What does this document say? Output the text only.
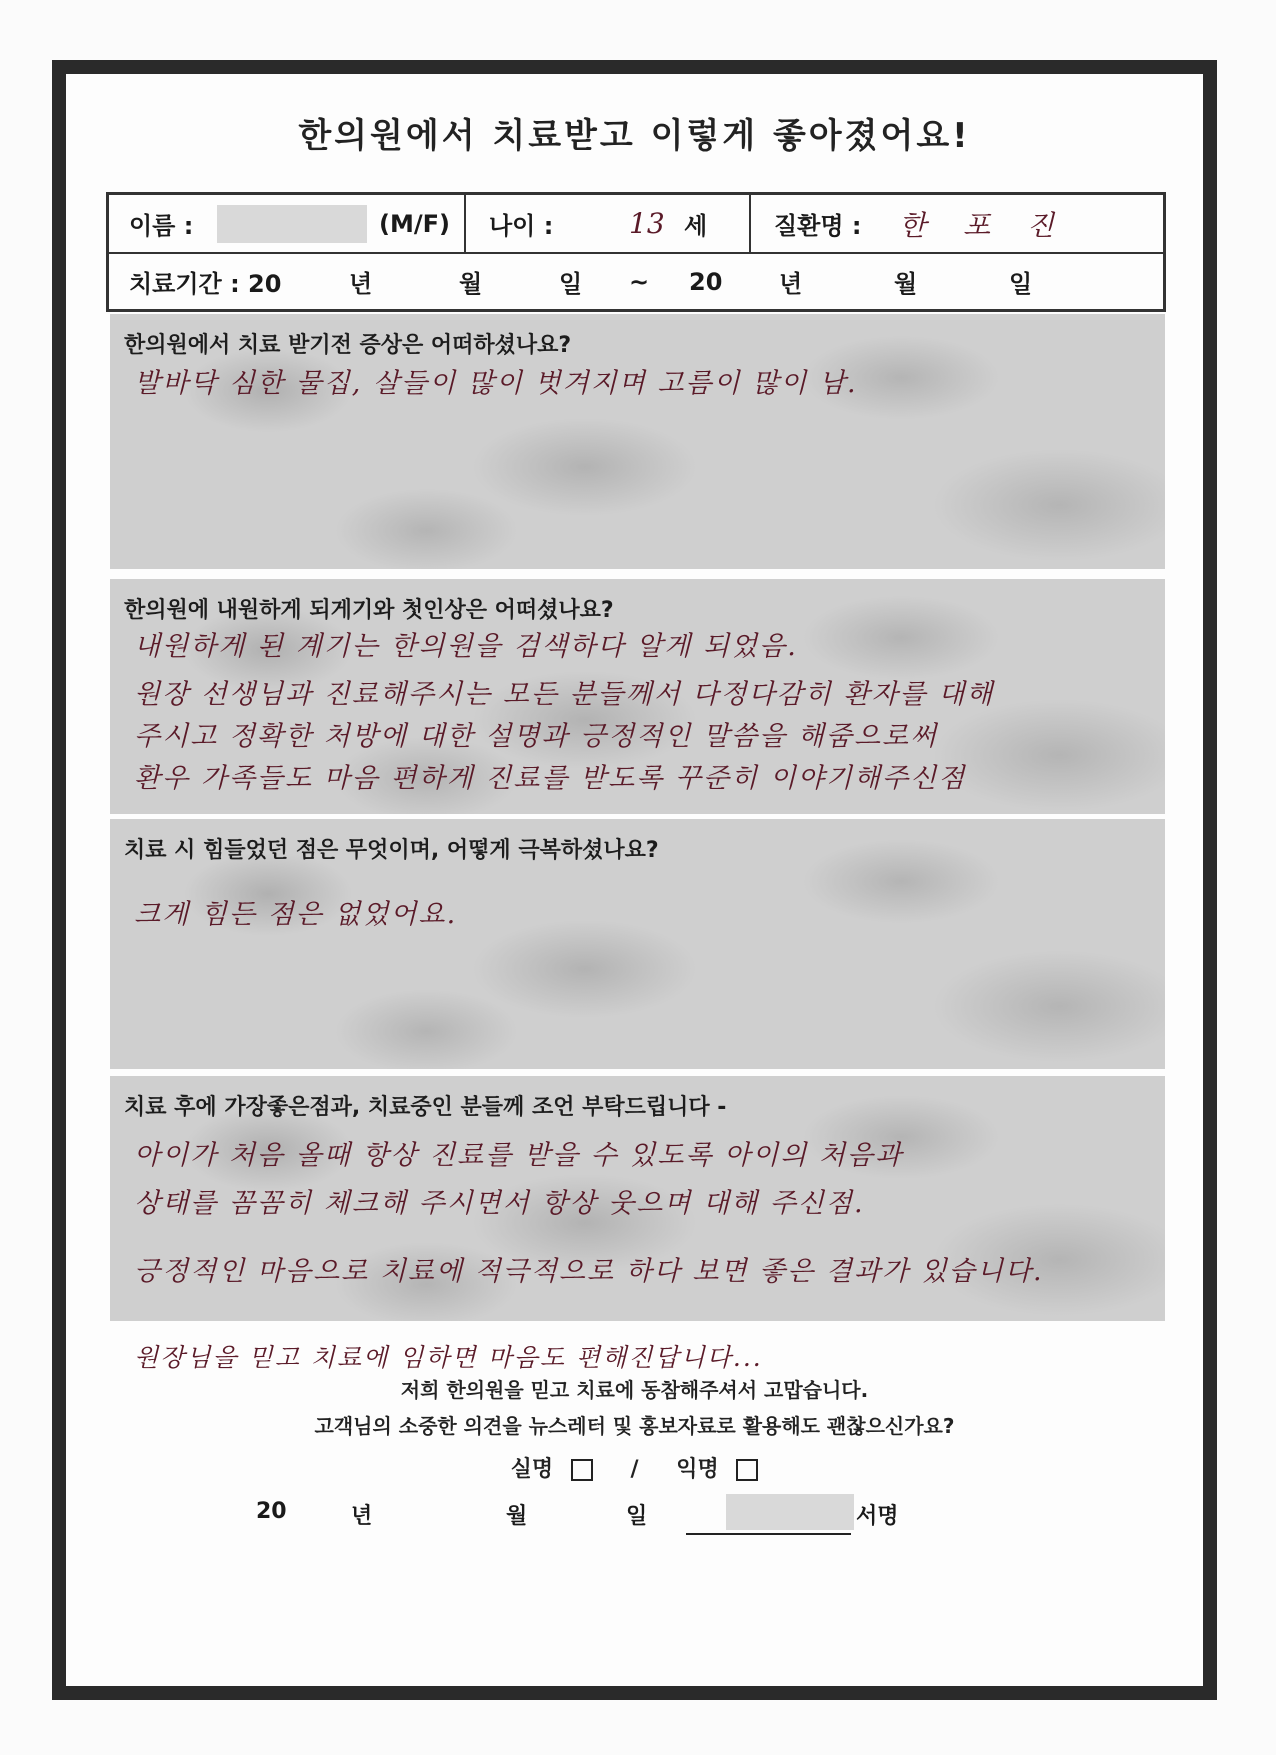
한의원에서 치료받고 이렇게 좋아졌어요!
이름 :	(M/F) 나이 :	13 세	질환명 : 한 포 진
치료기간 : 20	년	월	일 ~ 20 년	월	일
한의원에서 치료 받기전 증상은 어떠하셨나요?
발바닥 심한 물집, 살들이 많이 벗겨지며 고름이 많이 남.
한의원에 내원하게 되게기와 첫인상은 어떠셨나요?
내원하게 된 계기는 한의원을 검색하다 알게 되었음.
원장 선생님과 진료해주시는 모든 분들께서 다정다감히 환자를 대해
주시고 정확한 처방에 대한 설명과 긍정적인 말씀을 해줌으로써
환우 가족들도 마음 편하게 진료를 받도록 꾸준히 이야기해주신점
치료 시 힘들었던 점은 무엇이며, 어떻게 극복하셨나요?
크게 힘든 점은 없었어요.
치료 후에 가장좋은점과, 치료중인 분들께 조언 부탁드립니다 -
아이가 처음 올때 항상 진료를 받을 수 있도록 아이의 처음과
상태를 꼼꼼히 체크해 주시면서 항상 웃으며 대해 주신점.
긍정적인 마음으로 치료에 적극적으로 하다 보면 좋은 결과가 있습니다.
원장님을 믿고 치료에 임하면 마음도 편해진답니다...
저희 한의원을 믿고 치료에 동참해주셔서 고맙습니다.
고객님의 소중한 의견을 뉴스레터 및 홍보자료로 활용해도 괜찮으신가요?
실명	/ 익명
20	년	월	일	서명
